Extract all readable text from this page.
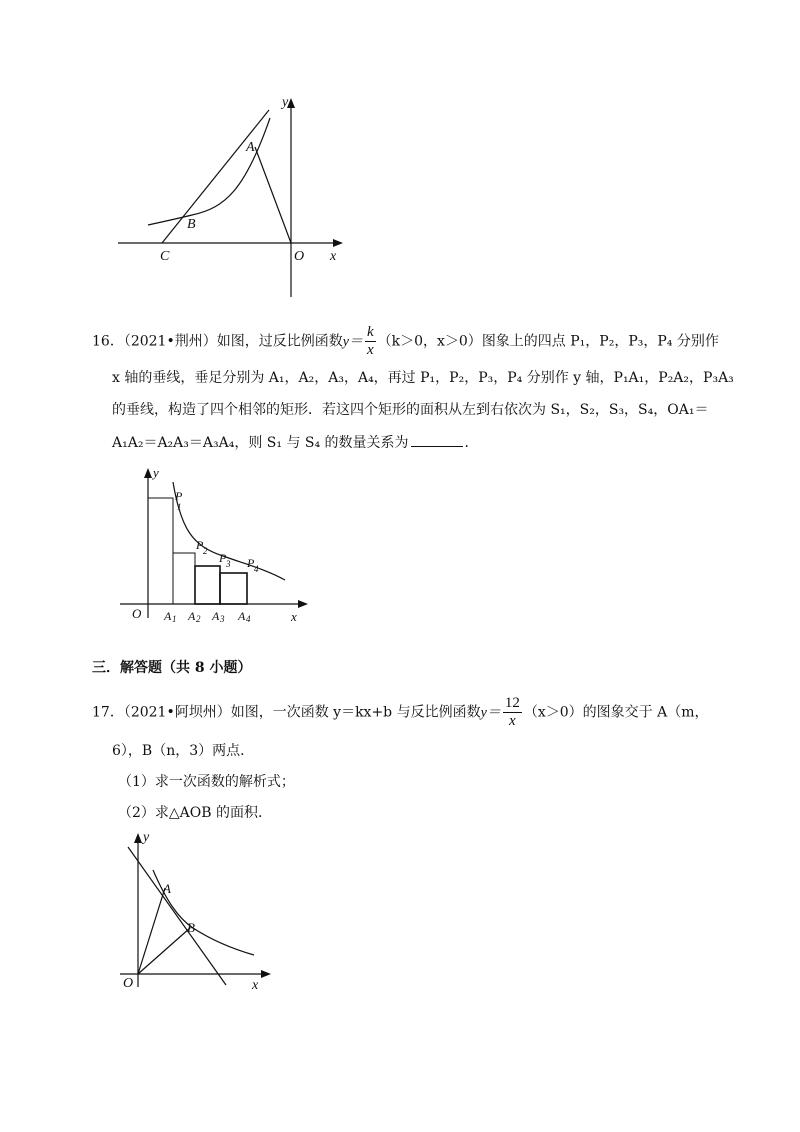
y
A
B
C	O x
16．（2021•荆州）如图，过反比例函数$y= \frac{k}{x} (k>0$，x＞0）图象上的四点 P₁，P₂，P₃，P₄ 分别作
x 轴的垂线，垂足分别为 A₁，A₂，A₃，A₄，再过 P₁，P₂，P₃，P₄ 分别作 y 轴，P₁A₁，P₂A₂，P₃A₃
的垂线，构造了四个相邻的矩形．若这四个矩形的面积从左到右依次为 S₁，S₂，S₃，S₄，OA₁＝
A₁A₂＝A₂A₃＝A₃A₄，则 S₁ 与 S₄ 的数量关系为	．
y
O	x
P
1
P 2 P 3 P 4
A 1 A 2 A 3 A 4
三．解答题（共 8 小题）
17．（2021•阿坝州）如图，一次函数 y＝kx+b 与反比例函数$y= \frac{12}{x} (x>0)$的图象交于 A（m，
6），B（n，3）两点．
（1）求一次函数的解析式；
（2）求△AOB 的面积．
y
A
B
O	x
